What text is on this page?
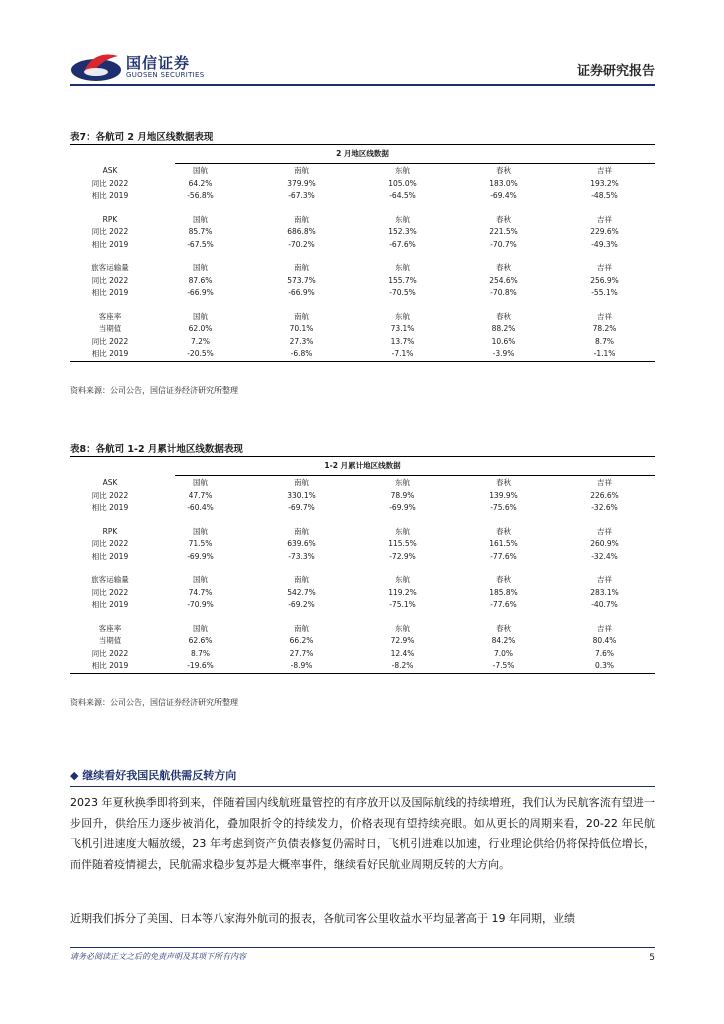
国信证券
GUOSEN SECURITIES	证券研究报告
表7：各航司 2 月地区线数据表现
2 月地区线数据
ASK	国航	南航	东航	春秋	吉祥
同比 2022	64.2%	379.9%	105.0%	183.0%	193.2%
相比 2019	-56.8%	-67.3%	-64.5%	-69.4%	-48.5%
RPK	国航	南航	东航	春秋	吉祥
同比 2022	85.7%	686.8%	152.3%	221.5%	229.6%
相比 2019	-67.5%	-70.2%	-67.6%	-70.7%	-49.3%
旅客运输量	国航	南航	东航	春秋	吉祥
同比 2022	87.6%	573.7%	155.7%	254.6%	256.9%
相比 2019	-66.9%	-66.9%	-70.5%	-70.8%	-55.1%
客座率	国航	南航	东航	春秋	吉祥
当期值	62.0%	70.1%	73.1%	88.2%	78.2%
同比 2022	7.2%	27.3%	13.7%	10.6%	8.7%
相比 2019	-20.5%	-6.8%	-7.1%	-3.9%	-1.1%
资料来源：公司公告，国信证券经济研究所整理
表8：各航司 1-2 月累计地区线数据表现
1-2 月累计地区线数据
ASK	国航	南航	东航	春秋	吉祥
同比 2022	47.7%	330.1%	78.9%	139.9%	226.6%
相比 2019	-60.4%	-69.7%	-69.9%	-75.6%	-32.6%
RPK	国航	南航	东航	春秋	吉祥
同比 2022	71.5%	639.6%	115.5%	161.5%	260.9%
相比 2019	-69.9%	-73.3%	-72.9%	-77.6%	-32.4%
旅客运输量	国航	南航	东航	春秋	吉祥
同比 2022	74.7%	542.7%	119.2%	185.8%	283.1%
相比 2019	-70.9%	-69.2%	-75.1%	-77.6%	-40.7%
客座率	国航	南航	东航	春秋	吉祥
当期值	62.6%	66.2%	72.9%	84.2%	80.4%
同比 2022	8.7%	27.7%	12.4%	7.0%	7.6%
相比 2019	-19.6%	-8.9%	-8.2%	-7.5%	0.3%
资料来源：公司公告，国信证券经济研究所整理
◆ 继续看好我国民航供需反转方向
2023 年夏秋换季即将到来，伴随着国内线航班量管控的有序放开以及国际航线的持续增班，我们认为民航客流有望进一步回升，供给压力逐步被消化，叠加限折令的持续发力，价格表现有望持续亮眼。如从更长的周期来看，20-22 年民航飞机引进速度大幅放缓，23 年考虑到资产负债表修复仍需时日，飞机引进难以加速，行业理论供给仍将保持低位增长，而伴随着疫情褪去，民航需求稳步复苏是大概率事件，继续看好民航业周期反转的大方向。
近期我们拆分了美国、日本等八家海外航司的报表，各航司客公里收益水平均显著高于 19 年同期，业绩
请务必阅读正文之后的免责声明及其项下所有内容	5
